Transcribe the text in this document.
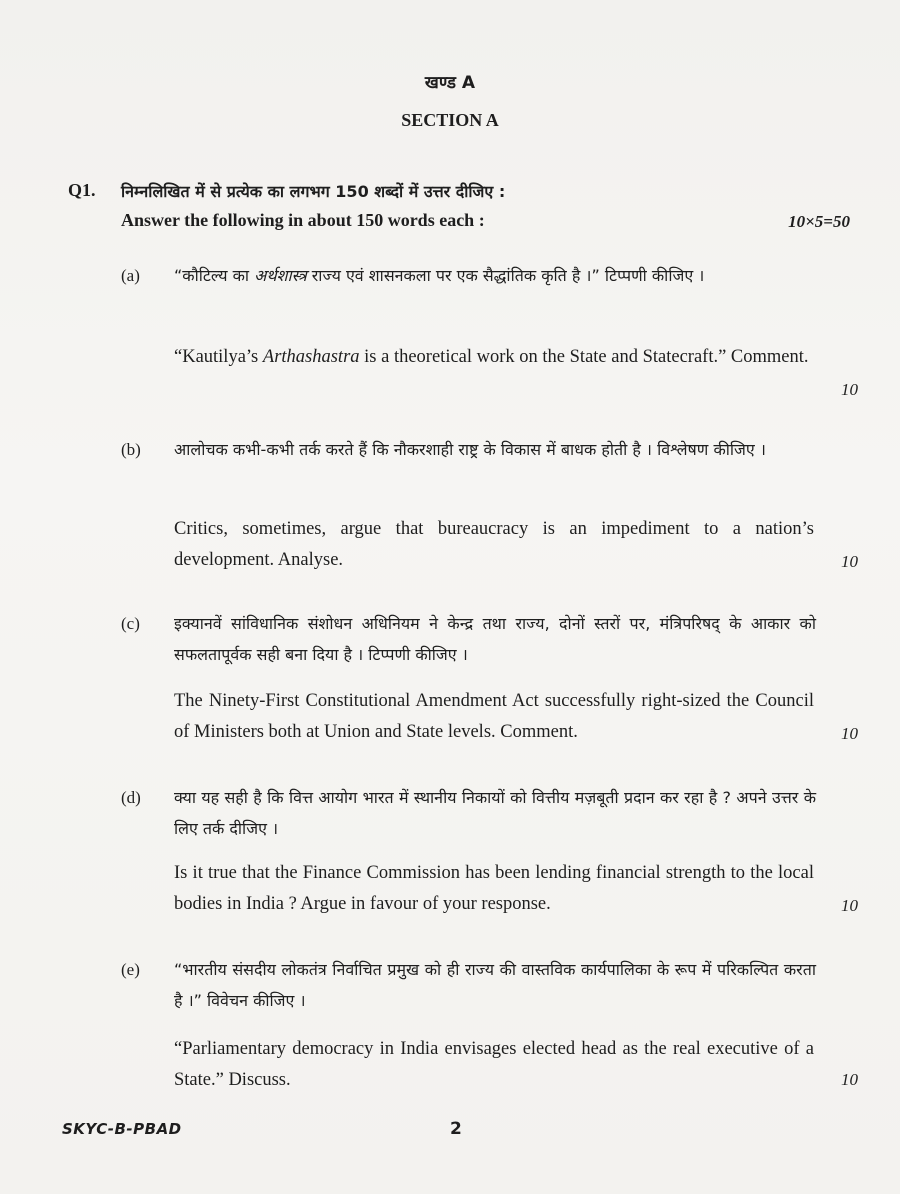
खण्ड A
SECTION A
Q1. निम्नलिखित में से प्रत्येक का लगभग 150 शब्दों में उत्तर दीजिए :
Answer the following in about 150 words each :	10×5=50
(a) “कौटिल्य का अर्थशास्त्र राज्य एवं शासनकला पर एक सैद्धांतिक कृति है ।” टिप्पणी कीजिए ।
“Kautilya’s Arthashastra is a theoretical work on the State and Statecraft.” Comment.
10
(b) आलोचक कभी-कभी तर्क करते हैं कि नौकरशाही राष्ट्र के विकास में बाधक होती है । विश्लेषण कीजिए ।
Critics, sometimes, argue that bureaucracy is an impediment to a nation’s development. Analyse.	10
(c) इक्यानवें सांविधानिक संशोधन अधिनियम ने केन्द्र तथा राज्य, दोनों स्तरों पर, मंत्रिपरिषद् के आकार को सफलतापूर्वक सही बना दिया है । टिप्पणी कीजिए ।
The Ninety-First Constitutional Amendment Act successfully right-sized the Council of Ministers both at Union and State levels. Comment.	10
(d) क्या यह सही है कि वित्त आयोग भारत में स्थानीय निकायों को वित्तीय मज़बूती प्रदान कर रहा है ? अपने उत्तर के लिए तर्क दीजिए ।
Is it true that the Finance Commission has been lending financial strength to the local bodies in India ? Argue in favour of your response.	10
(e) “भारतीय संसदीय लोकतंत्र निर्वाचित प्रमुख को ही राज्य की वास्तविक कार्यपालिका के रूप में परिकल्पित करता है ।” विवेचन कीजिए ।
“Parliamentary democracy in India envisages elected head as the real executive of a State.” Discuss.	10
SKYC-B-PBAD	2
